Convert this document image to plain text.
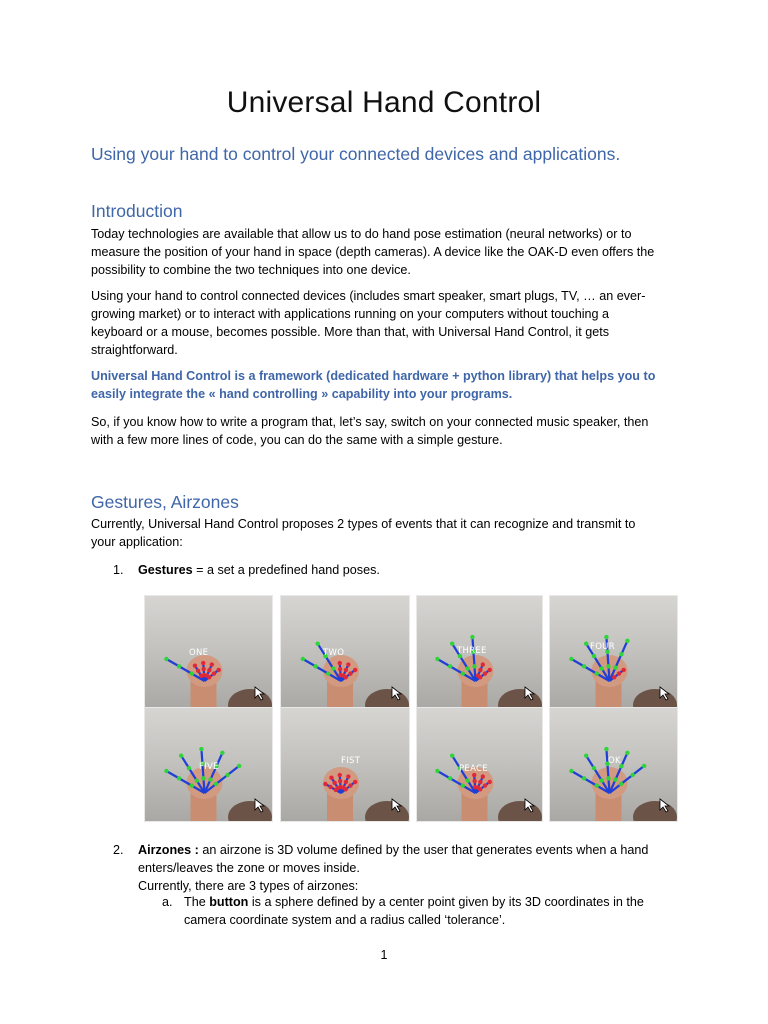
Universal Hand Control
Using your hand to control your connected devices and applications.
Introduction
Today technologies are available that allow us to do hand pose estimation (neural networks) or to
measure the position of your hand in space (depth cameras). A device like the OAK-D even offers the
possibility to combine the two techniques into one device.
Using your hand to control connected devices (includes smart speaker, smart plugs, TV, … an ever-
growing market) or to interact with applications running on your computers without touching a
keyboard or a mouse, becomes possible. More than that, with Universal Hand Control, it gets
straightforward.
Universal Hand Control is a framework (dedicated hardware + python library) that helps you to
easily integrate the « hand controlling » capability into your programs.
So, if you know how to write a program that, let’s say, switch on your connected music speaker, then
with a few more lines of code, you can do the same with a simple gesture.
Gestures, Airzones
Currently, Universal Hand Control proposes 2 types of events that it can recognize and transmit to
your application:
1. Gestures = a set a predefined hand poses.
ONE	TWO	THREE	FOUR
FIVE
FIST
PEACE
OK
2. Airzones : an airzone is 3D volume defined by the user that generates events when a hand
enters/leaves the zone or moves inside.
Currently, there are 3 types of airzones:
a. The button is a sphere defined by a center point given by its 3D coordinates in the
camera coordinate system and a radius called ‘tolerance’.
1
